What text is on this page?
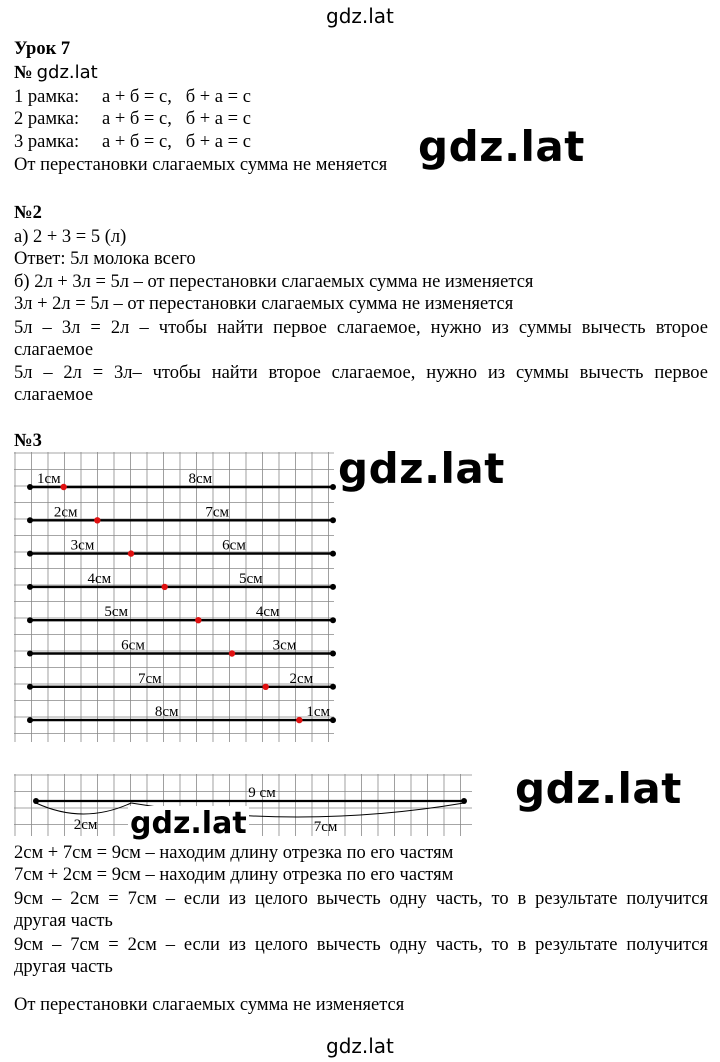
gdz.lat
Урок 7
№ gdz.lat
1 рамка: а + б = с,   б + а = с
2 рамка: а + б = с,   б + а = с
3 рамка: а + б = с,   б + а = с
От перестановки слагаемых сумма не меняется gdz.lat
№2
а) 2 + 3 = 5 (л)
Ответ: 5л молока всего
б) 2л + 3л = 5л – от перестановки слагаемых сумма не изменяется
3л + 2л = 5л – от перестановки слагаемых сумма не изменяется
5л – 3л = 2л – чтобы найти первое слагаемое, нужно из суммы вычесть второе
слагаемое
5л – 2л = 3л– чтобы найти второе слагаемое, нужно из суммы вычесть первое
слагаемое
№3
gdz.lat
1см	8см
2см	7см
3см	6см
4см	5см
5см	4см
6см	3см
7см	2см
8см	1см
gdz.lat
9 см
2см	7см
gdz.lat
2см + 7см = 9см – находим длину отрезка по его частям
7см + 2см = 9см – находим длину отрезка по его частям
9см – 2см = 7см – если из целого вычесть одну часть, то в результате получится
другая часть
9см – 7см = 2см – если из целого вычесть одну часть, то в результате получится
другая часть
От перестановки слагаемых сумма не изменяется
gdz.lat
